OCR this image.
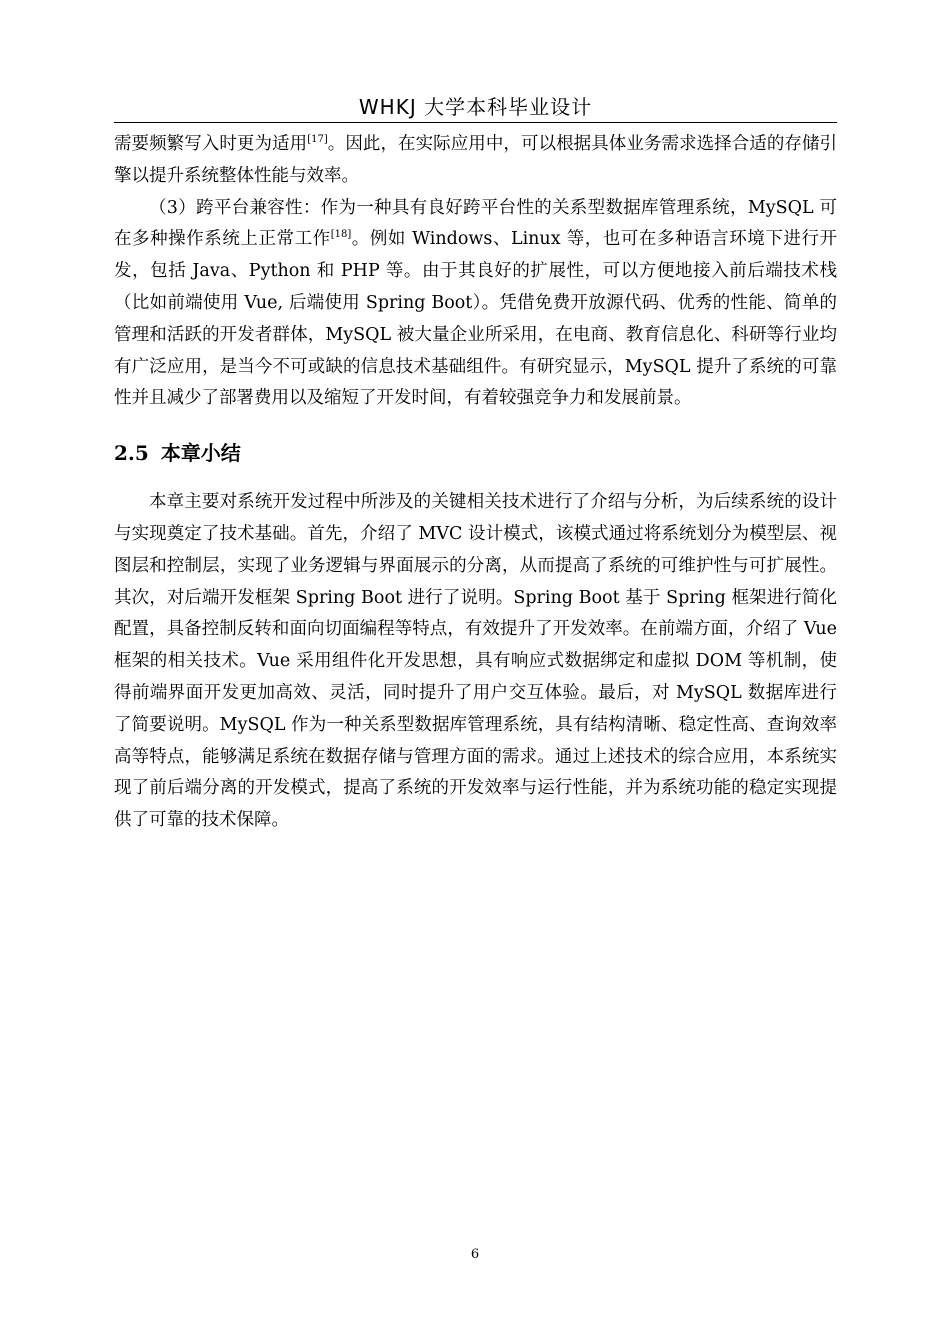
WHKJ 大学本科毕业设计

需要频繁写入时更为适用[17]。因此，在实际应用中，可以根据具体业务需求选择合适的存储引擎以提升系统整体性能与效率。

（3）跨平台兼容性：作为一种具有良好跨平台性的关系型数据库管理系统，MySQL 可在多种操作系统上正常工作[18]。例如 Windows、Linux 等，也可在多种语言环境下进行开发，包括 Java、Python 和 PHP 等。由于其良好的扩展性，可以方便地接入前后端技术栈（比如前端使用 Vue, 后端使用 Spring Boot）。凭借免费开放源代码、优秀的性能、简单的管理和活跃的开发者群体，MySQL 被大量企业所采用，在电商、教育信息化、科研等行业均有广泛应用，是当今不可或缺的信息技术基础组件。有研究显示，MySQL 提升了系统的可靠性并且减少了部署费用以及缩短了开发时间，有着较强竞争力和发展前景。

2.5 本章小结

本章主要对系统开发过程中所涉及的关键相关技术进行了介绍与分析，为后续系统的设计与实现奠定了技术基础。首先，介绍了 MVC 设计模式，该模式通过将系统划分为模型层、视图层和控制层，实现了业务逻辑与界面展示的分离，从而提高了系统的可维护性与可扩展性。其次，对后端开发框架 Spring Boot 进行了说明。Spring Boot 基于 Spring 框架进行简化配置，具备控制反转和面向切面编程等特点，有效提升了开发效率。在前端方面，介绍了 Vue 框架的相关技术。Vue 采用组件化开发思想，具有响应式数据绑定和虚拟 DOM 等机制，使得前端界面开发更加高效、灵活，同时提升了用户交互体验。最后，对 MySQL 数据库进行了简要说明。MySQL 作为一种关系型数据库管理系统，具有结构清晰、稳定性高、查询效率高等特点，能够满足系统在数据存储与管理方面的需求。通过上述技术的综合应用，本系统实现了前后端分离的开发模式，提高了系统的开发效率与运行性能，并为系统功能的稳定实现提供了可靠的技术保障。

6
